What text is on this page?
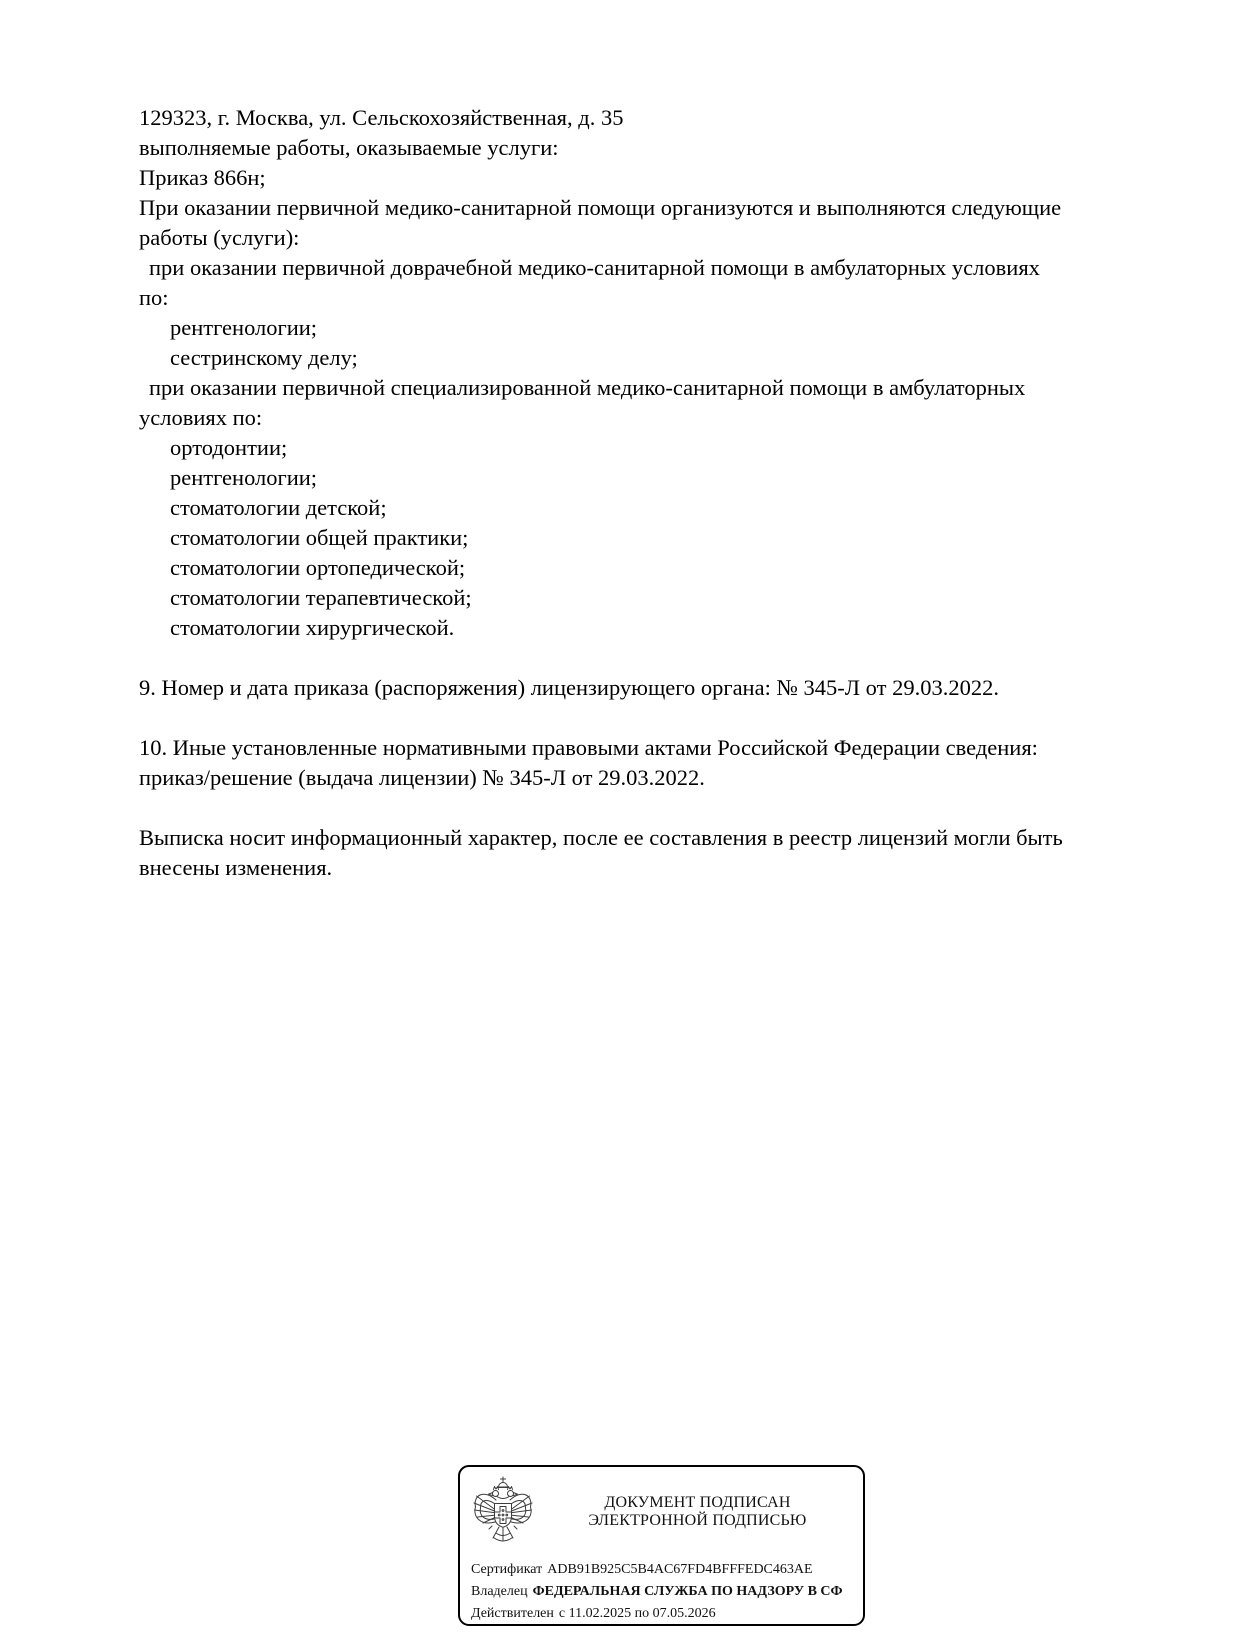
129323, г. Москва, ул. Сельскохозяйственная, д. 35
выполняемые работы, оказываемые услуги:
Приказ 866н;
При оказании первичной медико-санитарной помощи организуются и выполняются следующие
работы (услуги):
при оказании первичной доврачебной медико-санитарной помощи в амбулаторных условиях
по:
рентгенологии;
сестринскому делу;
при оказании первичной специализированной медико-санитарной помощи в амбулаторных
условиях по:
ортодонтии;
рентгенологии;
стоматологии детской;
стоматологии общей практики;
стоматологии ортопедической;
стоматологии терапевтической;
стоматологии хирургической.

9. Номер и дата приказа (распоряжения) лицензирующего органа: № 345-Л от 29.03.2022.

10. Иные установленные нормативными правовыми актами Российской Федерации сведения:
приказ/решение (выдача лицензии) № 345-Л от 29.03.2022.

Выписка носит информационный характер, после ее составления в реестр лицензий могли быть
внесены изменения.
ДОКУМЕНТ ПОДПИСАН
ЭЛЕКТРОННОЙ ПОДПИСЬЮ
Сертификат ADB91B925C5B4AC67FD4BFFFEDC463AE
Владелец ФЕДЕРАЛЬНАЯ СЛУЖБА ПО НАДЗОРУ В СФ
Действителен с 11.02.2025 по 07.05.2026
